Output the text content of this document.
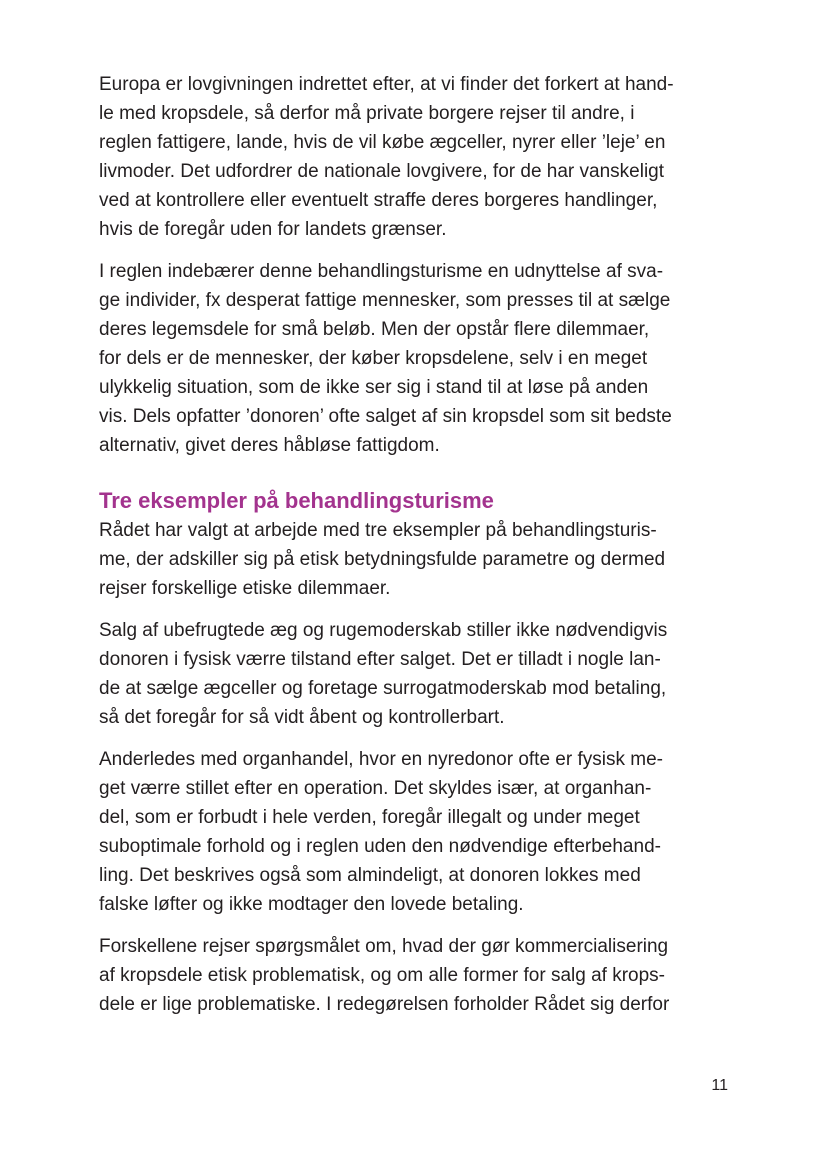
Europa er lovgivningen indrettet efter, at vi finder det forkert at hand-
le med kropsdele, så derfor må private borgere rejser til andre, i
reglen fattigere, lande, hvis de vil købe ægceller, nyrer eller ’leje’ en
livmoder. Det udfordrer de nationale lovgivere, for de har vanskeligt
ved at kontrollere eller eventuelt straffe deres borgeres handlinger,
hvis de foregår uden for landets grænser.

I reglen indebærer denne behandlingsturisme en udnyttelse af sva-
ge individer, fx desperat fattige mennesker, som presses til at sælge
deres legemsdele for små beløb. Men der opstår flere dilemmaer,
for dels er de mennesker, der køber kropsdelene, selv i en meget
ulykkelig situation, som de ikke ser sig i stand til at løse på anden
vis. Dels opfatter ’donoren’ ofte salget af sin kropsdel som sit bedste
alternativ, givet deres håbløse fattigdom.

Tre eksempler på behandlingsturisme

Rådet har valgt at arbejde med tre eksempler på behandlingsturis-
me, der adskiller sig på etisk betydningsfulde parametre og dermed
rejser forskellige etiske dilemmaer.

Salg af ubefrugtede æg og rugemoderskab stiller ikke nødvendigvis
donoren i fysisk værre tilstand efter salget. Det er tilladt i nogle lan-
de at sælge ægceller og foretage surrogatmoderskab mod betaling,
så det foregår for så vidt åbent og kontrollerbart.

Anderledes med organhandel, hvor en nyredonor ofte er fysisk me-
get værre stillet efter en operation. Det skyldes især, at organhan-
del, som er forbudt i hele verden, foregår illegalt og under meget
suboptimale forhold og i reglen uden den nødvendige efterbehand-
ling. Det beskrives også som almindeligt, at donoren lokkes med
falske løfter og ikke modtager den lovede betaling.

Forskellene rejser spørgsmålet om, hvad der gør kommercialisering
af kropsdele etisk problematisk, og om alle former for salg af krops-
dele er lige problematiske. I redegørelsen forholder Rådet sig derfor

11
